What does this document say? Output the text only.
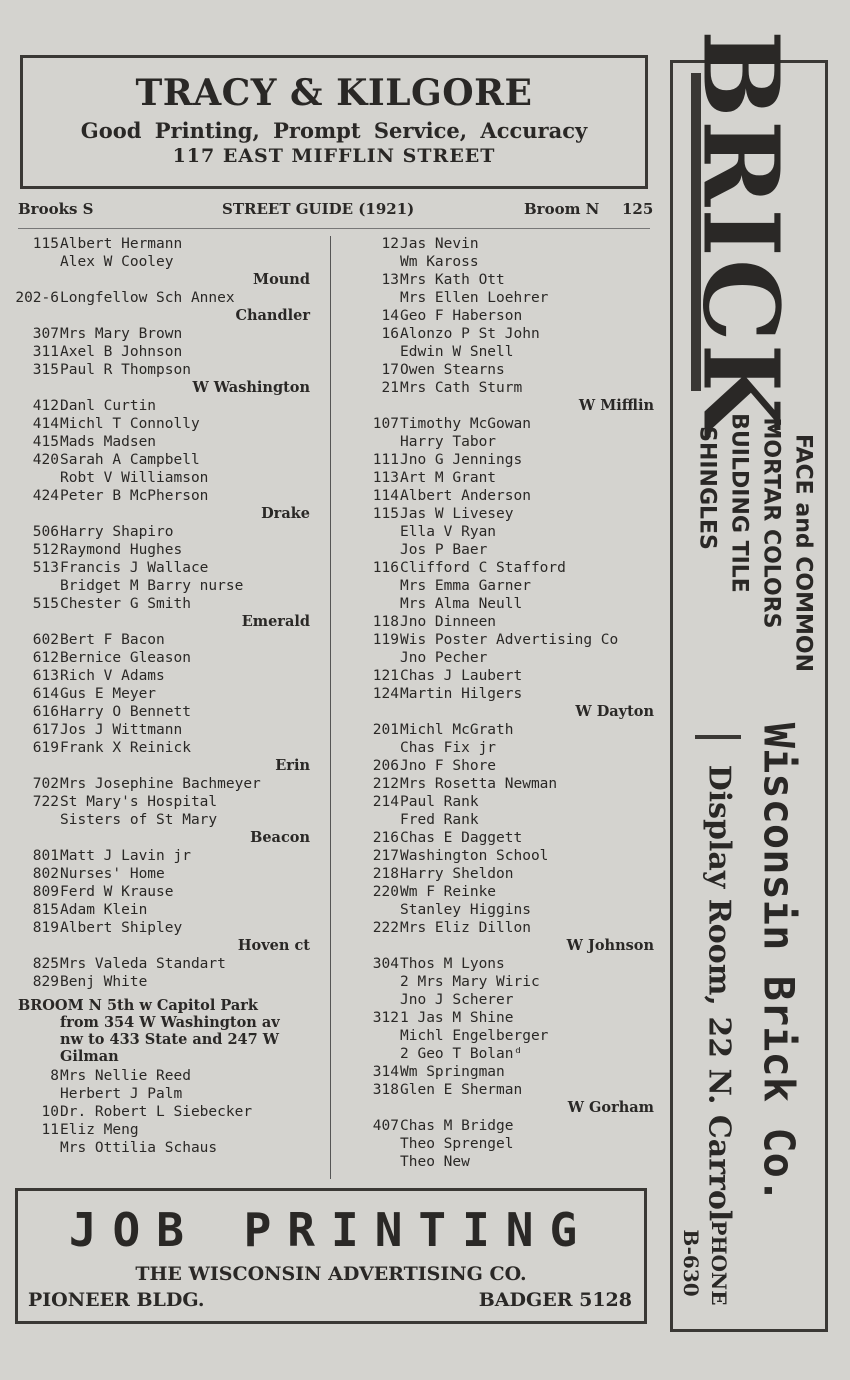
TRACY & KILGORE
Good Printing, Prompt Service, Accuracy
117 EAST MIFFLIN STREET
Brooks S	STREET GUIDE (1921)	Broom N 125
115 Albert Hermann
Alex W Cooley
Mound
202-6 Longfellow Sch Annex
Chandler
307 Mrs Mary Brown
311 Axel B Johnson
315 Paul R Thompson
W Washington
412 Danl Curtin
414 Michl T Connolly
415 Mads Madsen
420 Sarah A Campbell
Robt V Williamson
424 Peter B McPherson
Drake
506 Harry Shapiro
512 Raymond Hughes
513 Francis J Wallace
Bridget M Barry nurse
515 Chester G Smith
Emerald
602 Bert F Bacon
612 Bernice Gleason
613 Rich V Adams
614 Gus E Meyer
616 Harry O Bennett
617 Jos J Wittmann
619 Frank X Reinick
Erin
702 Mrs Josephine Bachmeyer
722 St Mary's Hospital
Sisters of St Mary
Beacon
801 Matt J Lavin jr
802 Nurses' Home
809 Ferd W Krause
815 Adam Klein
819 Albert Shipley
Hoven ct
825 Mrs Valeda Standart
829 Benj White
BROOM N 5th w Capitol Park
from 354 W Washington av
nw to 433 State and 247 W
Gilman
8 Mrs Nellie Reed
Herbert J Palm
10 Dr. Robert L Siebecker
11 Eliz Meng
Mrs Ottilia Schaus
12 Jas Nevin
Wm Kaross
13 Mrs Kath Ott
Mrs Ellen Loehrer
14 Geo F Haberson
16 Alonzo P St John
Edwin W Snell
17 Owen Stearns
21 Mrs Cath Sturm
W Mifflin
107 Timothy McGowan
Harry Tabor
111 Jno G Jennings
113 Art M Grant
114 Albert Anderson
115 Jas W Livesey
Ella V Ryan
Jos P Baer
116 Clifford C Stafford
Mrs Emma Garner
Mrs Alma Neull
118 Jno Dinneen
119 Wis Poster Advertising Co
Jno Pecher
121 Chas J Laubert
124 Martin Hilgers
W Dayton
201 Michl McGrath
Chas Fix jr
206 Jno F Shore
212 Mrs Rosetta Newman
214 Paul Rank
Fred Rank
216 Chas E Daggett
217 Washington School
218 Harry Sheldon
220 Wm F Reinke
Stanley Higgins
222 Mrs Eliz Dillon
W Johnson
304 Thos M Lyons
2 Mrs Mary Wiric
Jno J Scherer
312 1 Jas M Shine
Michl Engelberger
2 Geo T Bolanᵈ
314 Wm Springman
318 Glen E Sherman
W Gorham
407 Chas M Bridge
Theo Sprengel
Theo New
JOB PRINTING
THE WISCONSIN ADVERTISING CO.
PIONEER BLDG.	BADGER 5128
BRICK
FACE and COMMON
MORTAR COLORS
BUILDING TILE
SHINGLES
Wisconsin Brick Co.
Display Room, 22 N. Carrol
PHONE
B-630
